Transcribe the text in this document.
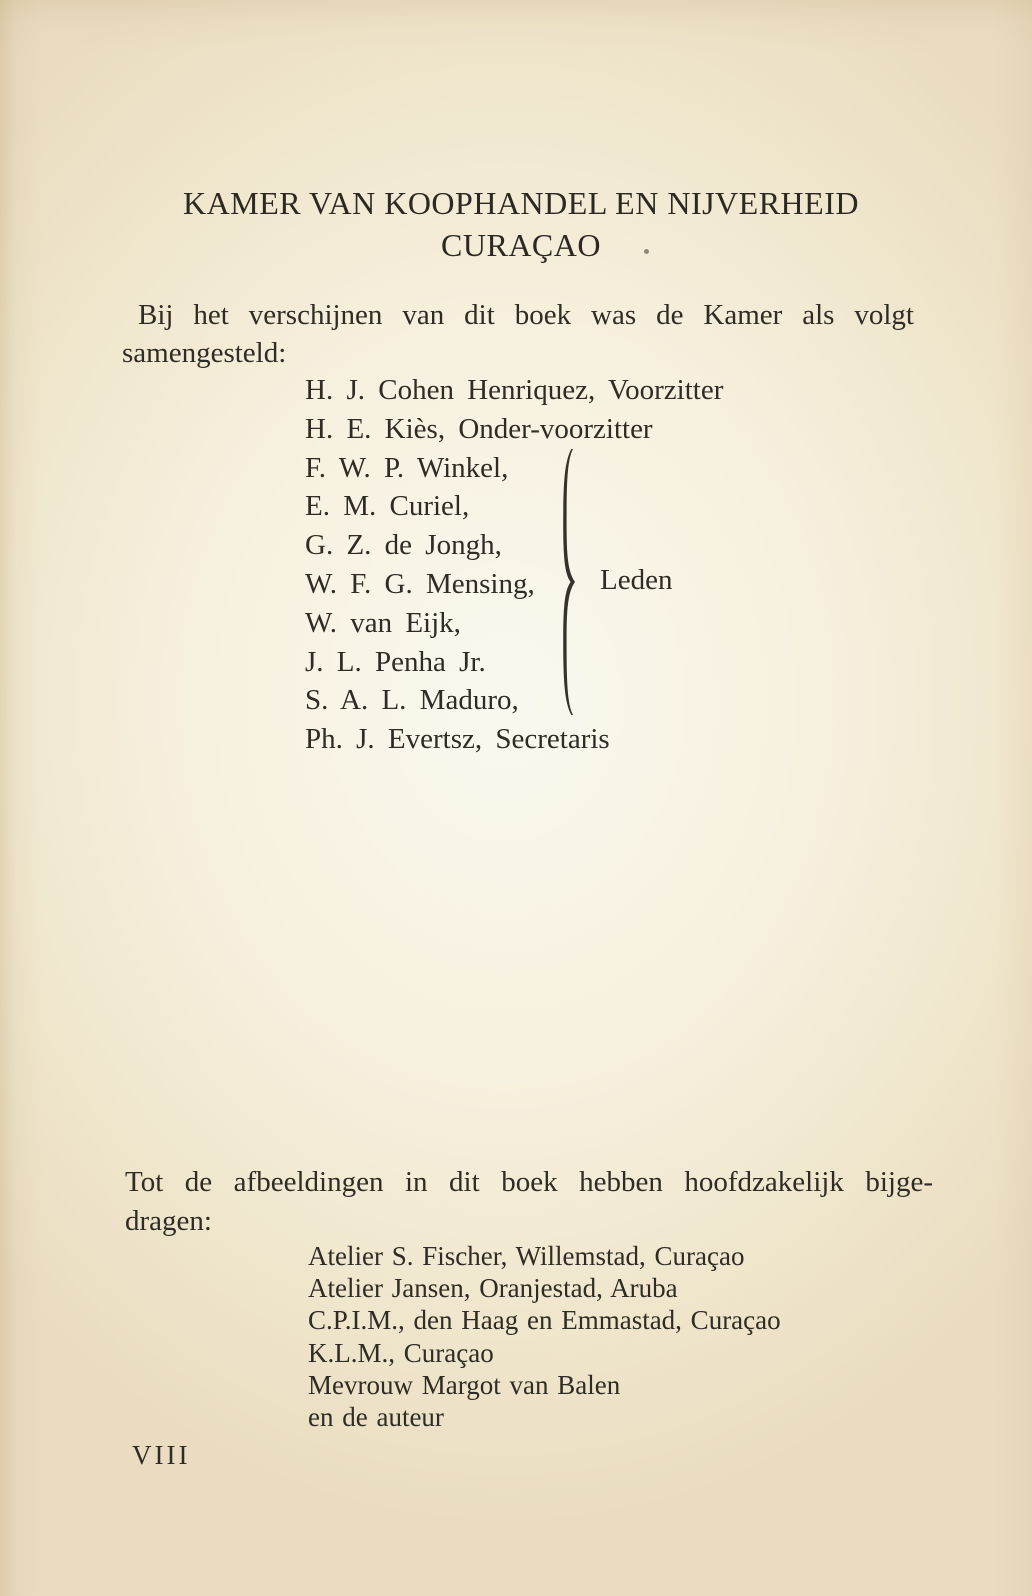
KAMER VAN KOOPHANDEL EN NIJVERHEID
CURAÇAO
Bij het verschijnen van dit boek was de Kamer als volgt
samengesteld:
H. J. Cohen Henriquez, Voorzitter
H. E. Kiès, Onder-voorzitter
F. W. P. Winkel,
E. M. Curiel,
G. Z. de Jongh,
W. F. G. Mensing,
W. van Eijk,
J. L. Penha Jr.
S. A. L. Maduro,
Ph. J. Evertsz, Secretaris
Leden
Tot de afbeeldingen in dit boek hebben hoofdzakelijk bijge-
dragen:
Atelier S. Fischer, Willemstad, Curaçao
Atelier Jansen, Oranjestad, Aruba
C.P.I.M., den Haag en Emmastad, Curaçao
K.L.M., Curaçao
Mevrouw Margot van Balen
en de auteur
VIII
